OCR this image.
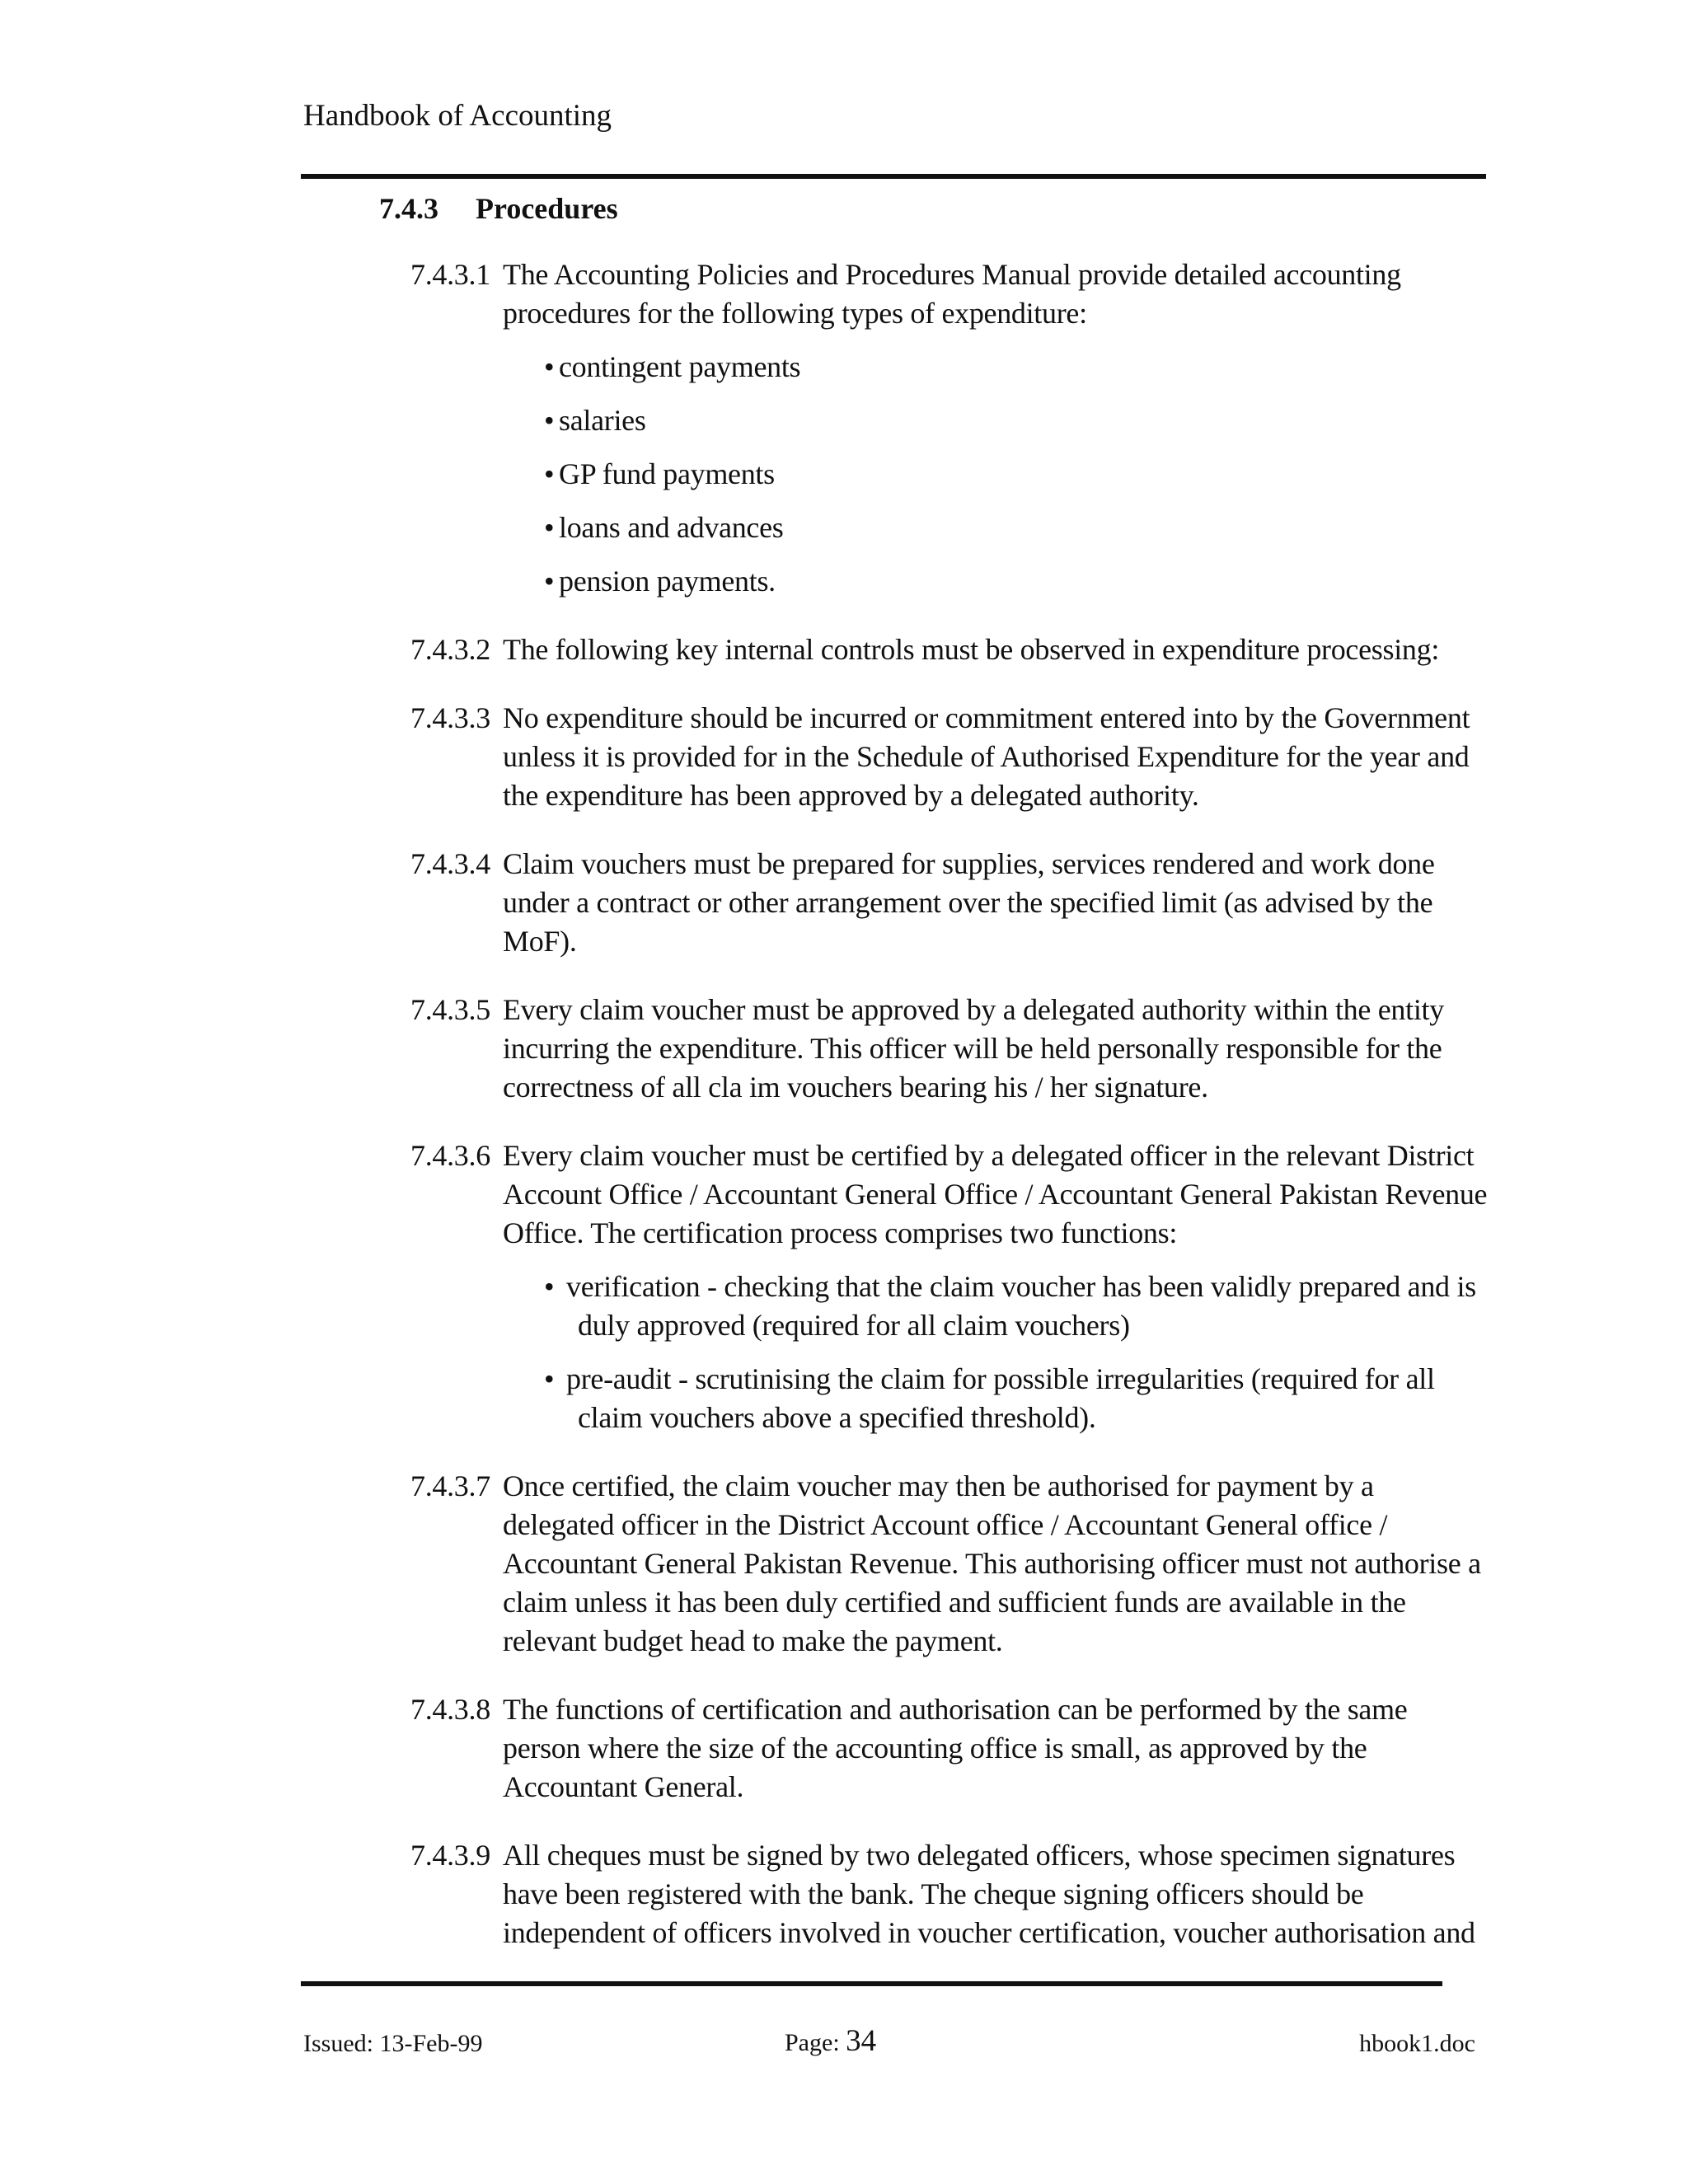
Handbook of Accounting
7.4.3 Procedures
7.4.3.1 The Accounting Policies and Procedures Manual provide detailed accounting procedures for the following types of expenditure:
• contingent payments
• salaries
• GP fund payments
• loans and advances
• pension payments.
7.4.3.2 The following key internal controls must be observed in expenditure processing:
7.4.3.3 No expenditure should be incurred or commitment entered into by the Government unless it is provided for in the Schedule of Authorised Expenditure for the year and the expenditure has been approved by a delegated authority.
7.4.3.4 Claim vouchers must be prepared for supplies, services rendered and work done under a contract or other arrangement over the specified limit (as advised by the MoF).
7.4.3.5 Every claim voucher must be approved by a delegated authority within the entity incurring the expenditure. This officer will be held personally responsible for the correctness of all cla im vouchers bearing his / her signature.
7.4.3.6 Every claim voucher must be certified by a delegated officer in the relevant District Account Office / Accountant General Office / Accountant General Pakistan Revenue Office. The certification process comprises two functions:
• verification - checking that the claim voucher has been validly prepared and is duly approved (required for all claim vouchers)
• pre-audit - scrutinising the claim for possible irregularities (required for all claim vouchers above a specified threshold).
7.4.3.7 Once certified, the claim voucher may then be authorised for payment by a delegated officer in the District Account office / Accountant General office / Accountant General Pakistan Revenue. This authorising officer must not authorise a claim unless it has been duly certified and sufficient funds are available in the relevant budget head to make the payment.
7.4.3.8 The functions of certification and authorisation can be performed by the same person where the size of the accounting office is small, as approved by the Accountant General.
7.4.3.9 All cheques must be signed by two delegated officers, whose specimen signatures have been registered with the bank. The cheque signing officers should be independent of officers involved in voucher certification, voucher authorisation and
Issued: 13-Feb-99	Page: 34	hbook1.doc
